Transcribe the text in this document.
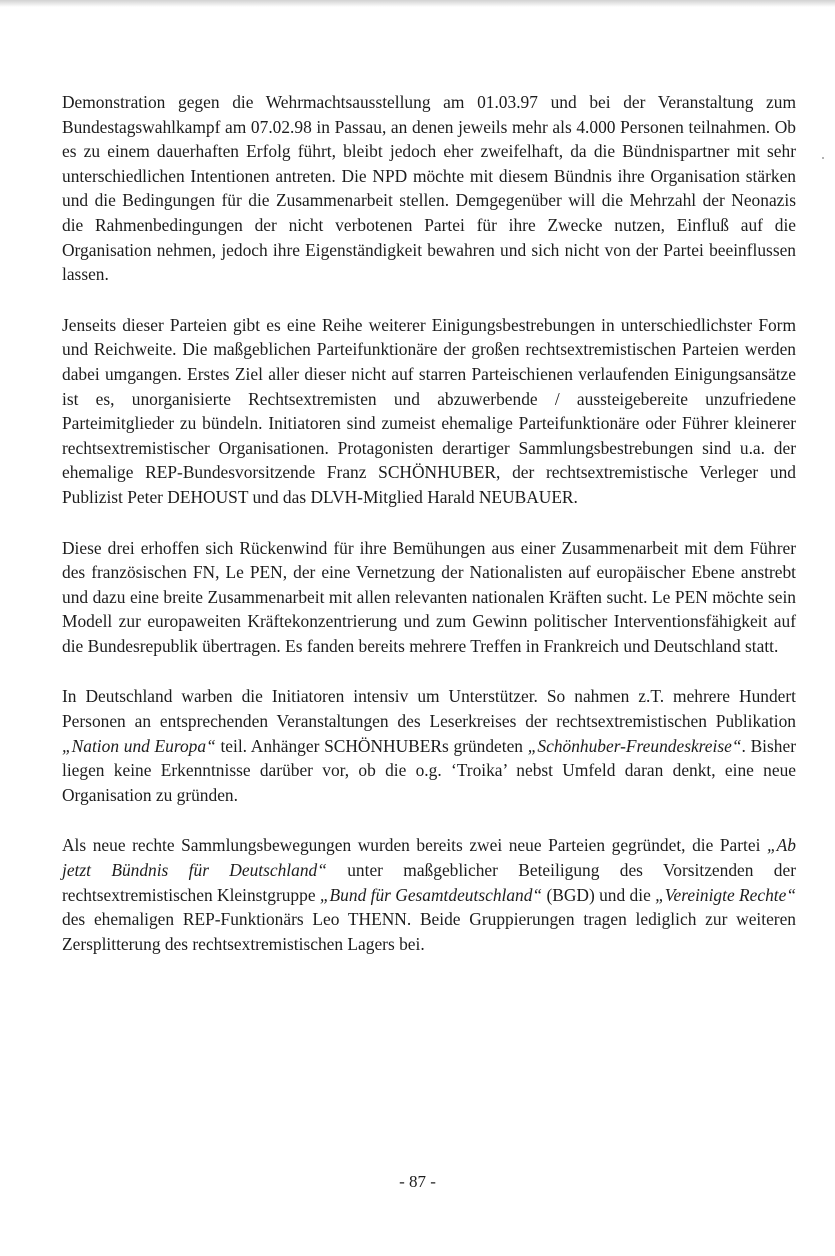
Demonstration gegen die Wehrmachtsausstellung am 01.03.97 und bei der Veranstaltung zum Bundestagswahlkampf am 07.02.98 in Passau, an denen jeweils mehr als 4.000 Personen teilnahmen. Ob es zu einem dauerhaften Erfolg führt, bleibt jedoch eher zweifelhaft, da die Bündnispartner mit sehr unterschiedlichen Intentionen antreten. Die NPD möchte mit diesem Bündnis ihre Organisation stärken und die Bedingungen für die Zusammenarbeit stellen. Demgegenüber will die Mehrzahl der Neonazis die Rahmenbedingungen der nicht verbotenen Partei für ihre Zwecke nutzen, Einfluß auf die Organisation nehmen, jedoch ihre Eigenständigkeit bewahren und sich nicht von der Partei beeinflussen lassen.

Jenseits dieser Parteien gibt es eine Reihe weiterer Einigungsbestrebungen in unterschiedlichster Form und Reichweite. Die maßgeblichen Parteifunktionäre der großen rechtsextremistischen Parteien werden dabei umgangen. Erstes Ziel aller dieser nicht auf starren Parteischienen verlaufenden Einigungsansätze ist es, unorganisierte Rechtsextremisten und abzuwerbende / aussteigebereite unzufriedene Parteimitglieder zu bündeln. Initiatoren sind zumeist ehemalige Parteifunktionäre oder Führer kleinerer rechtsextremistischer Organisationen. Protagonisten derartiger Sammlungsbestrebungen sind u.a. der ehemalige REP-Bundesvorsitzende Franz SCHÖNHUBER, der rechtsextremistische Verleger und Publizist Peter DEHOUST und das DLVH-Mitglied Harald NEUBAUER.

Diese drei erhoffen sich Rückenwind für ihre Bemühungen aus einer Zusammenarbeit mit dem Führer des französischen FN, Le PEN, der eine Vernetzung der Nationalisten auf europäischer Ebene anstrebt und dazu eine breite Zusammenarbeit mit allen relevanten nationalen Kräften sucht. Le PEN möchte sein Modell zur europaweiten Kräftekonzentrierung und zum Gewinn politischer Interventionsfähigkeit auf die Bundesrepublik übertragen. Es fanden bereits mehrere Treffen in Frankreich und Deutschland statt.

In Deutschland warben die Initiatoren intensiv um Unterstützer. So nahmen z.T. mehrere Hundert Personen an entsprechenden Veranstaltungen des Leserkreises der rechtsextremistischen Publikation „Nation und Europa“ teil. Anhänger SCHÖNHUBERs gründeten „Schönhuber-Freundeskreise“. Bisher liegen keine Erkenntnisse darüber vor, ob die o.g. ‘Troika’ nebst Umfeld daran denkt, eine neue Organisation zu gründen.

Als neue rechte Sammlungsbewegungen wurden bereits zwei neue Parteien gegründet, die Partei „Ab jetzt Bündnis für Deutschland“ unter maßgeblicher Beteiligung des Vorsitzenden der rechtsextremistischen Kleinstgruppe „Bund für Gesamtdeutschland“ (BGD) und die „Vereinigte Rechte“ des ehemaligen REP-Funktionärs Leo THENN. Beide Gruppierungen tragen lediglich zur weiteren Zersplitterung des rechtsextremistischen Lagers bei.

- 87 -
